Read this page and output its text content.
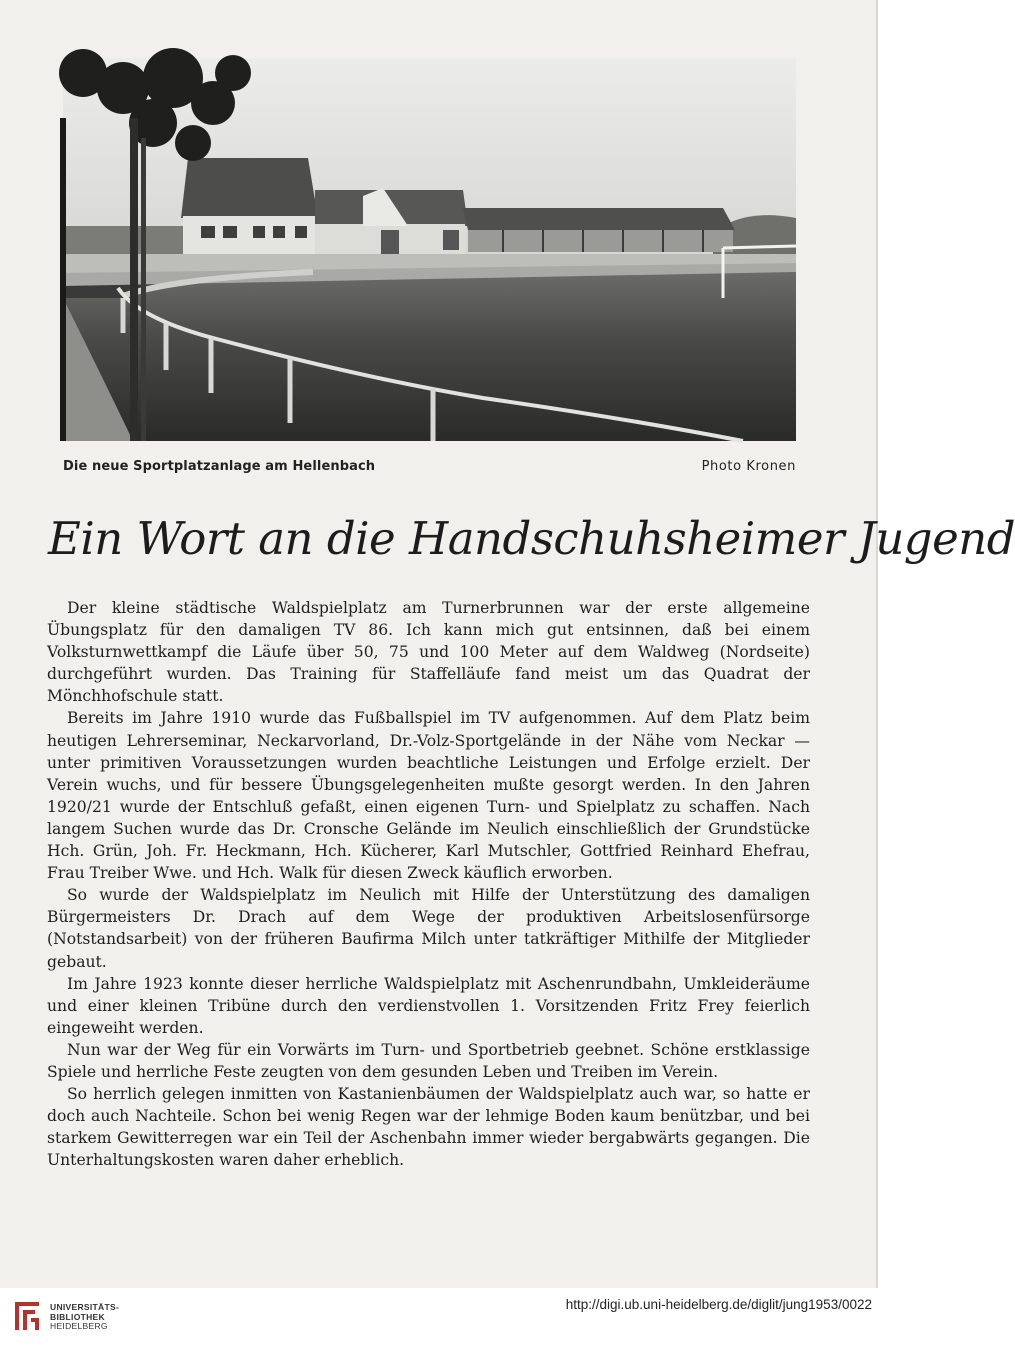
Die neue Sportplatzanlage am Hellenbach	Photo Kronen
Ein Wort an die Handschuhsheimer Jugend

Der kleine städtische Waldspielplatz am Turnerbrunnen war der erste allgemeine Übungsplatz für den damaligen TV 86. Ich kann mich gut entsinnen, daß bei einem Volksturnwettkampf die Läufe über 50, 75 und 100 Meter auf dem Waldweg (Nordseite) durchgeführt wurden. Das Training für Staffelläufe fand meist um das Quadrat der Mönchhofschule statt.

Bereits im Jahre 1910 wurde das Fußballspiel im TV aufgenommen. Auf dem Platz beim heutigen Lehrerseminar, Neckarvorland, Dr.-Volz-Sportgelände in der Nähe vom Neckar — unter primitiven Voraussetzungen wurden beachtliche Leistungen und Erfolge erzielt. Der Verein wuchs, und für bessere Übungsgelegenheiten mußte gesorgt werden. In den Jahren 1920/21 wurde der Entschluß gefaßt, einen eigenen Turn- und Spielplatz zu schaffen. Nach langem Suchen wurde das Dr. Cronsche Gelände im Neulich einschließlich der Grundstücke Hch. Grün, Joh. Fr. Heckmann, Hch. Kücherer, Karl Mutschler, Gottfried Reinhard Ehefrau, Frau Treiber Wwe. und Hch. Walk für diesen Zweck käuflich erworben.

So wurde der Waldspielplatz im Neulich mit Hilfe der Unterstützung des damaligen Bürgermeisters Dr. Drach auf dem Wege der produktiven Arbeitslosenfürsorge (Notstandsarbeit) von der früheren Baufirma Milch unter tatkräftiger Mithilfe der Mitglieder gebaut.

Im Jahre 1923 konnte dieser herrliche Waldspielplatz mit Aschenrundbahn, Umkleideräume und einer kleinen Tribüne durch den verdienstvollen 1. Vorsitzenden Fritz Frey feierlich eingeweiht werden.

Nun war der Weg für ein Vorwärts im Turn- und Sportbetrieb geebnet. Schöne erstklassige Spiele und herrliche Feste zeugten von dem gesunden Leben und Treiben im Verein.

So herrlich gelegen inmitten von Kastanienbäumen der Waldspielplatz auch war, so hatte er doch auch Nachteile. Schon bei wenig Regen war der lehmige Boden kaum benützbar, und bei starkem Gewitterregen war ein Teil der Aschenbahn immer wieder bergabwärts gegangen. Die Unterhaltungskosten waren daher erheblich.

UNIVERSITÄTS-
BIBLIOTHEK
HEIDELBERG
http://digi.ub.uni-heidelberg.de/diglit/jung1953/0022
